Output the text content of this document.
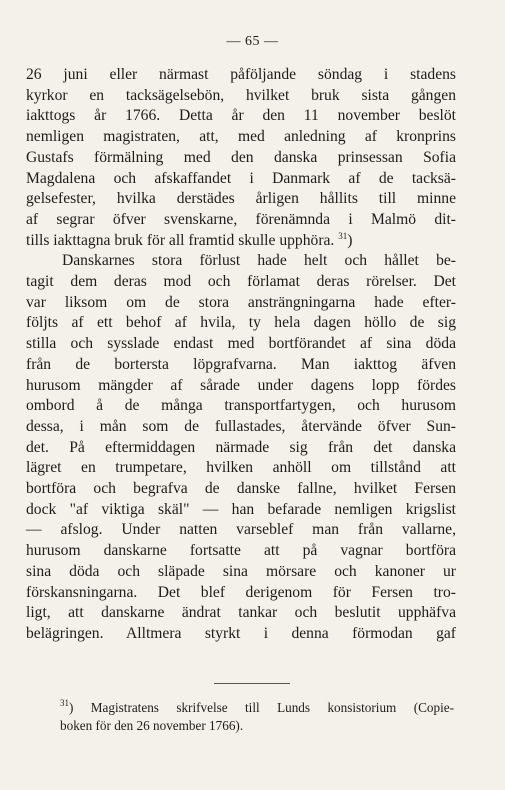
— 65 —
26 juni eller närmast påföljande söndag i stadens
kyrkor en tacksägelsebön, hvilket bruk sista gången
iakttogs år 1766. Detta år den 11 november beslöt
nemligen magistraten, att, med anledning af kronprins
Gustafs förmälning med den danska prinsessan Sofia
Magdalena och afskaffandet i Danmark af de tacksä-
gelsefester, hvilka derstädes årligen hållits till minne
af segrar öfver svenskarne, förenämnda i Malmö dit-
tills iakttagna bruk för all framtid skulle upphöra. $^{31}$)
Danskarnes stora förlust hade helt och hållet be-
tagit dem deras mod och förlamat deras rörelser. Det
var liksom om de stora ansträngningarna hade efter-
följts af ett behof af hvila, ty hela dagen höllo de sig
stilla och sysslade endast med bortförandet af sina döda
från de bortersta löpgrafvarna. Man iakttog äfven
hurusom mängder af sårade under dagens lopp fördes
ombord å de många transportfartygen, och hurusom
dessa, i mån som de fullastades, återvände öfver Sun-
det. På eftermiddagen närmade sig från det danska
lägret en trumpetare, hvilken anhöll om tillstånd att
bortföra och begrafva de danske fallne, hvilket Fersen
dock "af viktiga skäl" — han befarade nemligen krigslist
— afslog. Under natten varseblef man från vallarne,
hurusom danskarne fortsatte att på vagnar bortföra
sina döda och släpade sina mörsare och kanoner ur
förskansningarna. Det blef derigenom för Fersen tro-
ligt, att danskarne ändrat tankar och beslutit upphäfva
belägringen. Alltmera styrkt i denna förmodan gaf
$^{31}$) Magistratens skrifvelse till Lunds konsistorium (Copie-
boken för den 26 november 1766).
